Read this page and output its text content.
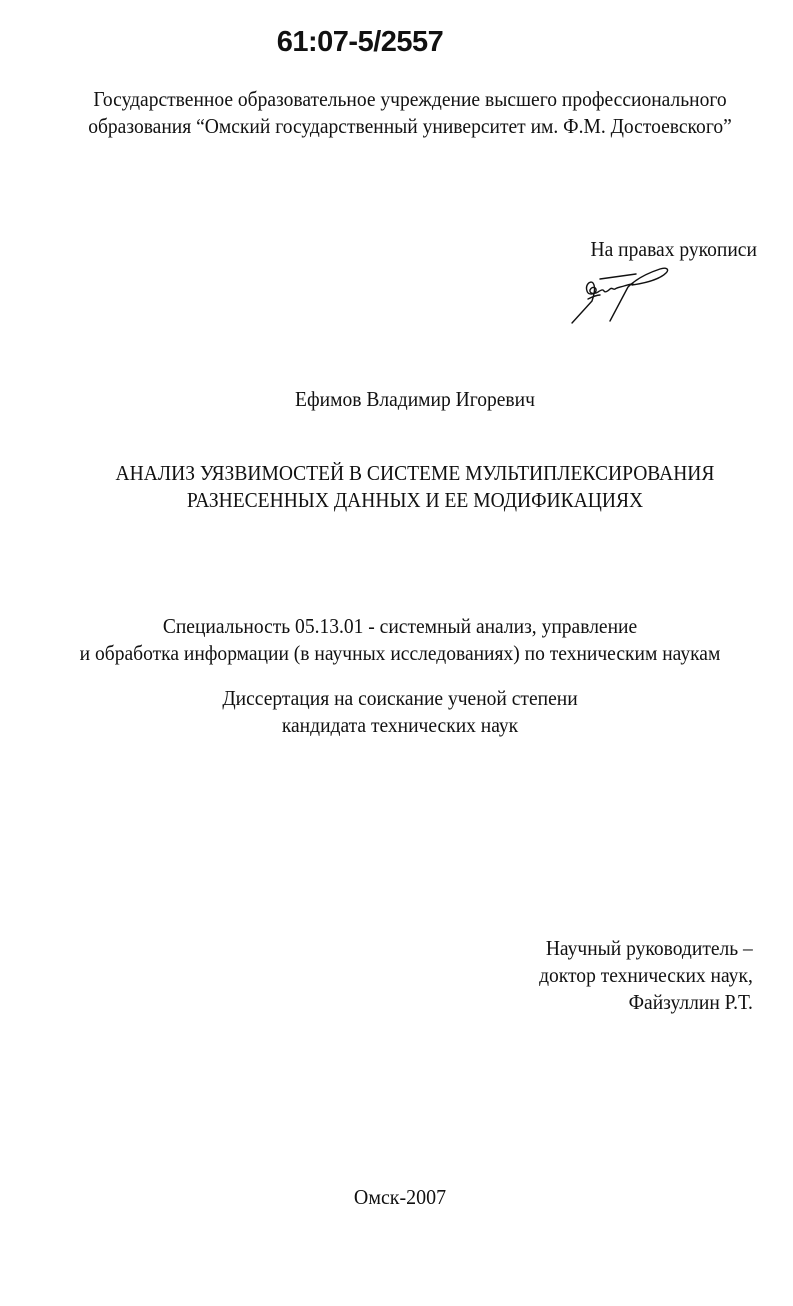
61:07-5/2557
Государственное образовательное учреждение высшего профессионального
образования “Омский государственный университет им. Ф.М. Достоевского”
На правах рукописи
Ефимов Владимир Игоревич
АНАЛИЗ УЯЗВИМОСТЕЙ В СИСТЕМЕ МУЛЬТИПЛЕКСИРОВАНИЯ
РАЗНЕСЕННЫХ ДАННЫХ И ЕЕ МОДИФИКАЦИЯХ
Специальность 05.13.01 - системный анализ, управление
и обработка информации (в научных исследованиях) по техническим наукам
Диссертация на соискание ученой степени
кандидата технических наук
Научный руководитель –
доктор технических наук,
Файзуллин Р.Т.
Омск-2007
